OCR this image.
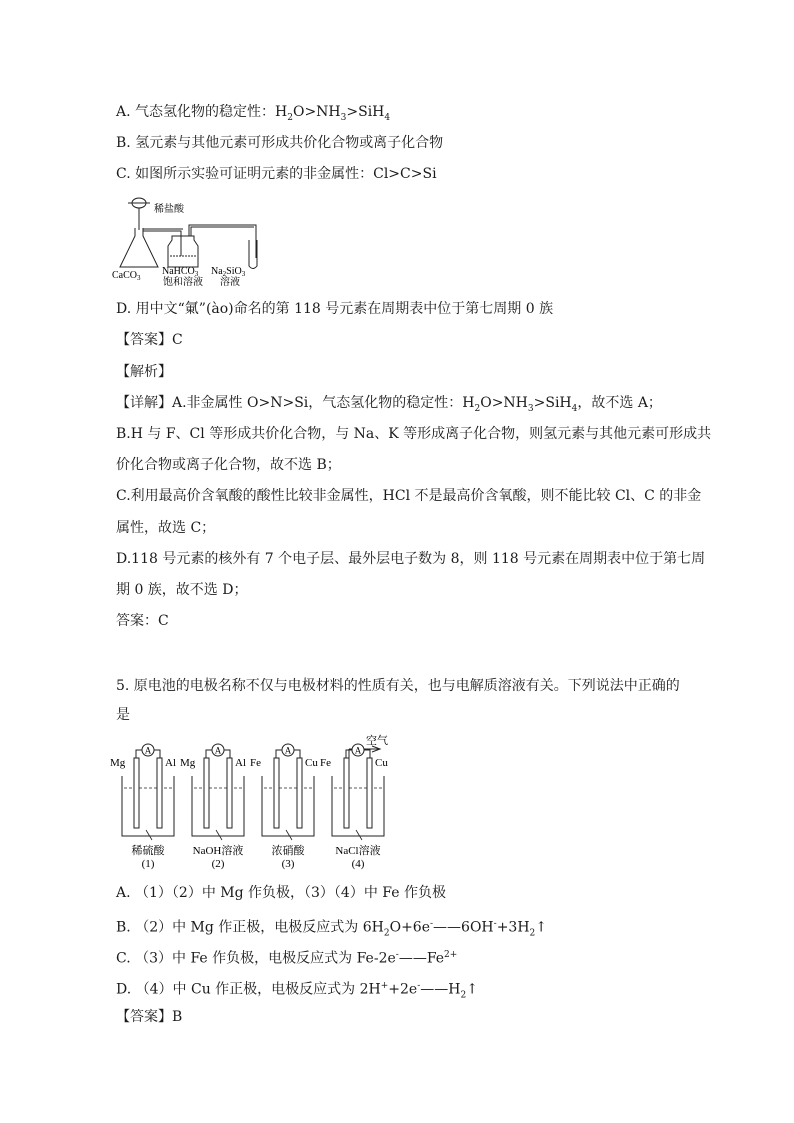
A. 气态氢化物的稳定性：$H_2O>NH_3>SiH_4$
B. 氢元素与其他元素可形成共价化合物或离子化合物
C. 如图所示实验可证明元素的非金属性：Cl>C>Si
稀盐酸
CaCO$_3$
NaHCO$_3$
饱和溶液
$Na_2SiO_3$
溶液
D. 用中文“氭”(ào)命名的第 118 号元素在周期表中位于第七周期 0 族
【答案】C
【解析】
【详解】A.非金属性 O>N>Si，气态氢化物的稳定性：$H_2O>NH_3>SiH_4$，故不选 A；
B.H 与 F、Cl 等形成共价化合物，与 Na、K 等形成离子化合物，则氢元素与其他元素可形成共
价化合物或离子化合物，故不选 B；
C.利用最高价含氧酸的酸性比较非金属性，HCl 不是最高价含氧酸，则不能比较 Cl、C 的非金
属性，故选 C；
D.118 号元素的核外有 7 个电子层、最外层电子数为 8，则 118 号元素在周期表中位于第七周
期 0 族，故不选 D；
答案：C
5. 原电池的电极名称不仅与电极材料的性质有关，也与电解质溶液有关。下列说法中正确的
是
空气
A
Mg	Al
稀硫酸
(1)
A
Mg	Al
NaOH溶液
(2)
A
Fe	Cu
浓硝酸
(3)
A
Fe	Cu
NaCl溶液
(4)
A. （1）（2）中 Mg 作负极，（3）（4）中 Fe 作负极
B. （2）中 Mg 作正极，电极反应式为 $6H_2O+6e^-——6OH^-+3H_2↑$
C. （3）中 Fe 作负极，电极反应式为 $Fe-2e^-——Fe^{2+}$
D. （4）中 Cu 作正极，电极反应式为 $2H^++2e^-——H_2↑$
【答案】B
